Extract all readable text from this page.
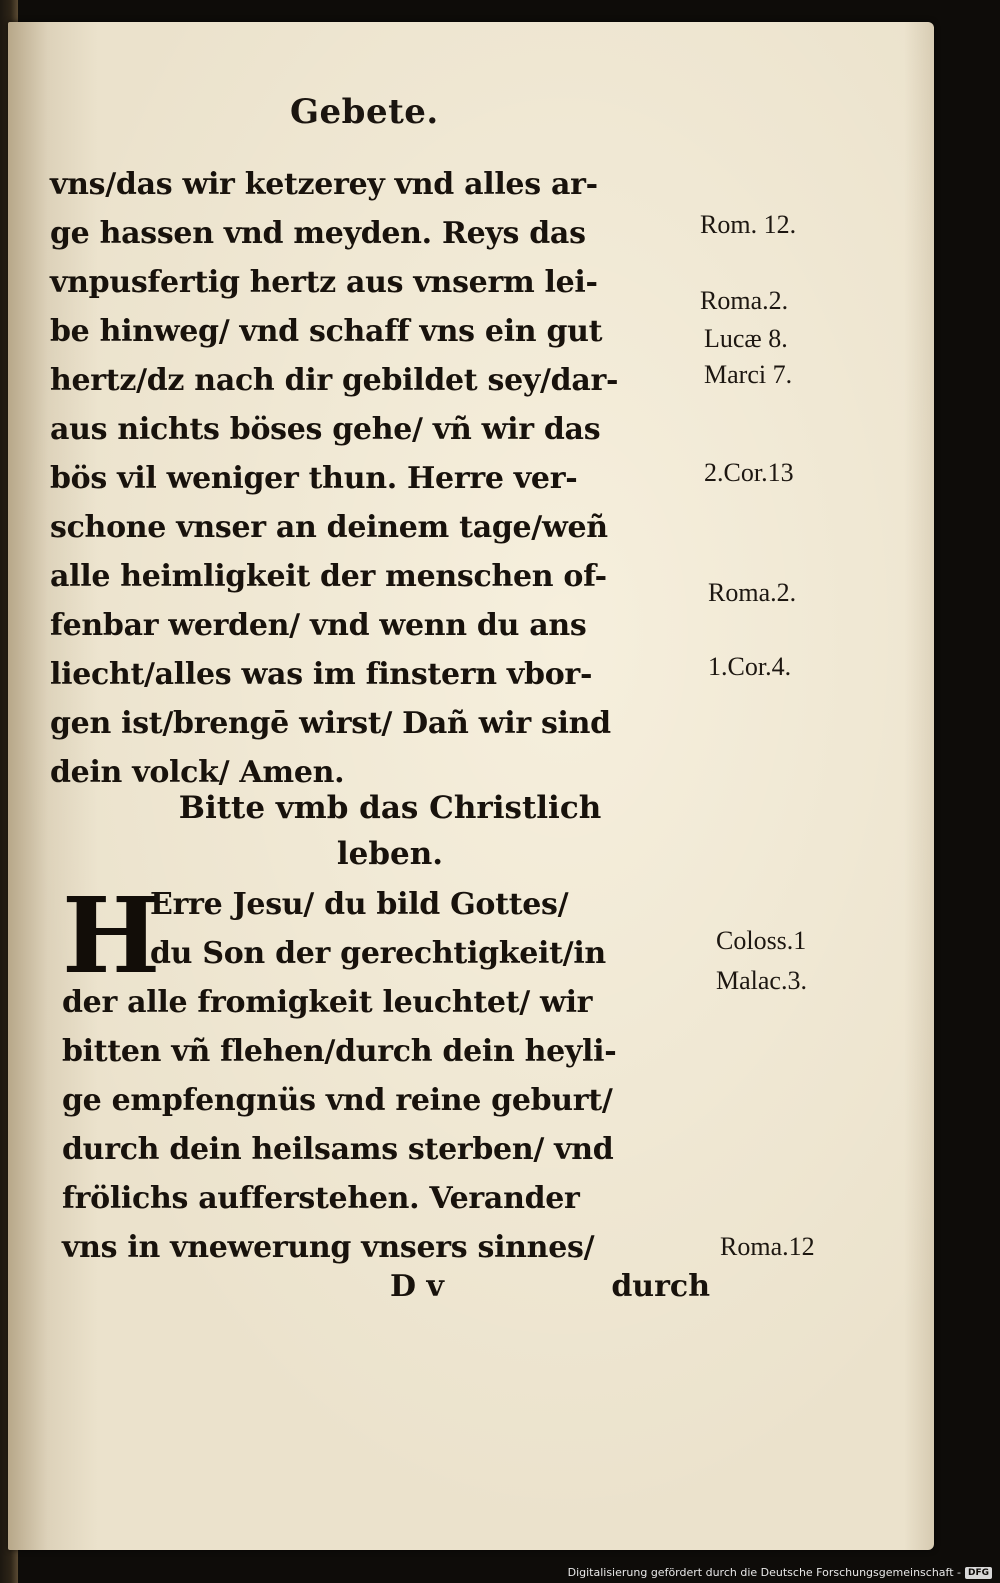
Gebete.
vns/das wir ketzerey vnd alles ar-
ge hassen vnd meyden. Reys das
vnpusfertig hertz aus vnserm lei-
be hinweg/ vnd schaff vns ein gut
hertz/dz nach dir gebildet sey/dar-
aus nichts böses gehe/ vñ wir das
bös vil weniger thun. Herre ver-
schone vnser an deinem tage/weñ
alle heimligkeit der menschen of-
fenbar werden/ vnd wenn du ans
liecht/alles was im finstern vbor-
gen ist/brengē wirst/ Dañ wir sind
dein volck/ Amen.
Bitte vmb das Christlich
leben.
H
Erre Jesu/ du bild Gottes/
du Son der gerechtigkeit/in
der alle fromigkeit leuchtet/ wir
bitten vñ flehen/durch dein heyli-
ge empfengnüs vnd reine geburt/
durch dein heilsams sterben/ vnd
frölichs aufferstehen. Verander
vns in vnewerung vnsers sinnes/
D v	durch
Rom. 12.
Roma.2.
Lucæ 8.
Marci 7.
2.Cor.13
Roma.2.
1.Cor.4.
Coloss.1
Malac.3.
Roma.12
Digitalisierung gefördert durch die Deutsche Forschungsgemeinschaft - DFG
